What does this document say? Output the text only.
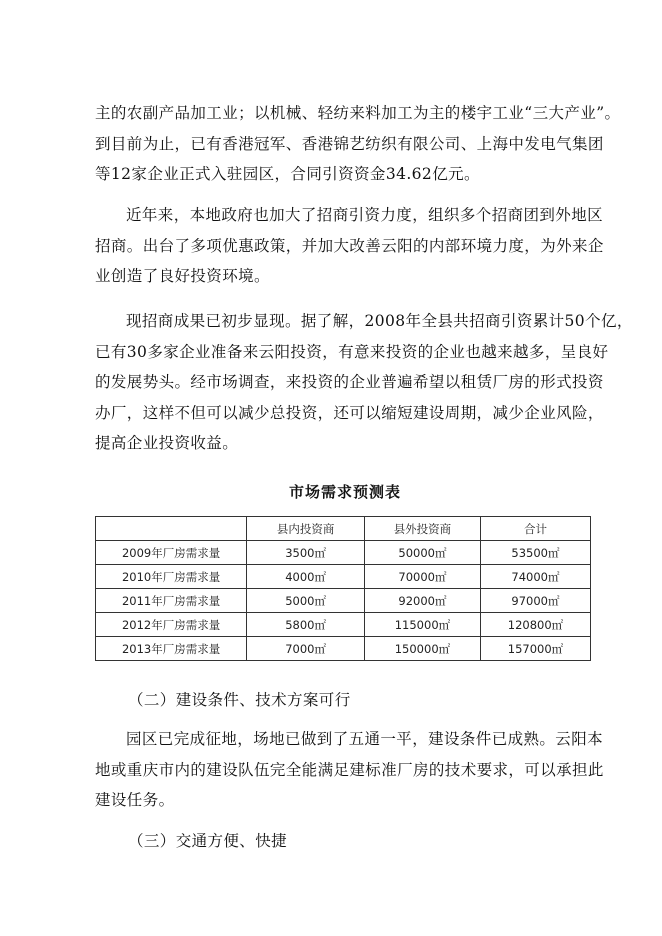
主的农副产品加工业；以机械、轻纺来料加工为主的楼宇工业“三大产业”。
到目前为止，已有香港冠军、香港锦艺纺织有限公司、上海中发电气集团
等12家企业正式入驻园区，合同引资资金34.62亿元。
近年来，本地政府也加大了招商引资力度，组织多个招商团到外地区
招商。出台了多项优惠政策，并加大改善云阳的内部环境力度，为外来企
业创造了良好投资环境。
现招商成果已初步显现。据了解，2008年全县共招商引资累计50个亿，
已有30多家企业准备来云阳投资，有意来投资的企业也越来越多，呈良好
的发展势头。经市场调查，来投资的企业普遍希望以租赁厂房的形式投资
办厂，这样不但可以减少总投资，还可以缩短建设周期，减少企业风险，
提高企业投资收益。
市场需求预测表
	县内投资商	县外投资商	合计
2009年厂房需求量	3500㎡	50000㎡	53500㎡
2010年厂房需求量	4000㎡	70000㎡	74000㎡
2011年厂房需求量	5000㎡	92000㎡	97000㎡
2012年厂房需求量	5800㎡	115000㎡	120800㎡
2013年厂房需求量	7000㎡	150000㎡	157000㎡
（二）建设条件、技术方案可行
园区已完成征地，场地已做到了五通一平，建设条件已成熟。云阳本
地或重庆市内的建设队伍完全能满足建标准厂房的技术要求，可以承担此
建设任务。
（三）交通方便、快捷
